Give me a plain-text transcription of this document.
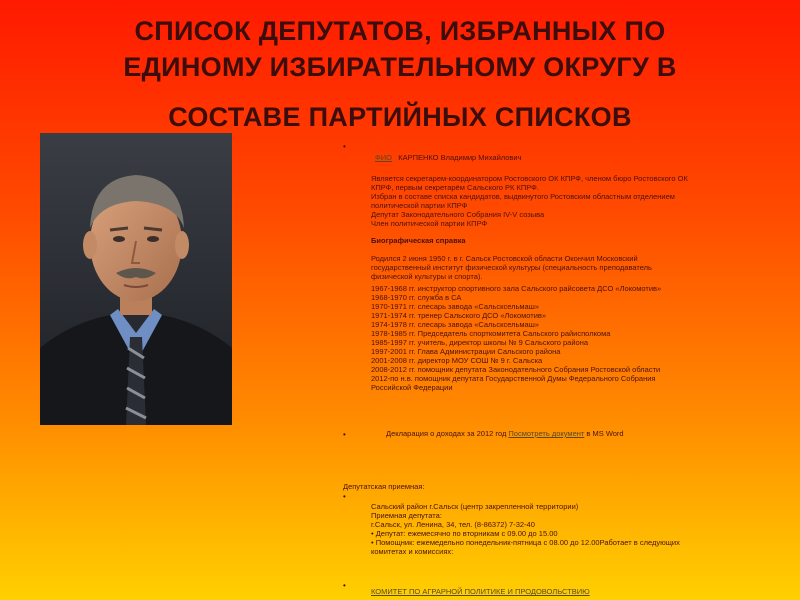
СПИСОК ДЕПУТАТОВ, ИЗБРАННЫХ ПО
ЕДИНОМУ ИЗБИРАТЕЛЬНОМУ ОКРУГУ В
СОСТАВЕ ПАРТИЙНЫХ СПИСКОВ
•
ФИО КАРПЕНКО Владимир Михайлович
Является секретарем-координатором Ростовского ОК КПРФ, членом бюро Ростовского ОК
КПРФ, первым секретарём Сальского РК КПРФ.
Избран в составе списка кандидатов, выдвинутого Ростовским областным отделением
политической партии КПРФ
Депутат Законодательного Собрания IV-V созыва
Член политической партии КПРФ
Биографическая справка
Родился 2 июня 1950 г. в г. Сальск Ростовской области Окончил Московский
государственный институт физической культуры (специальность преподаватель
физической культуры и спорта).
1967-1968 гг. инструктор спортивного зала Сальского райсовета ДСО «Локомотив»
1968-1970 гг. служба в СА
1970-1971 гг. слесарь завода «Сальсксельмаш»
1971-1974 гг. тренер Сальского ДСО «Локомотив»
1974-1978 гг. слесарь завода «Сальсксельмаш»
1978-1985 гг. Председатель спорткомитета Сальского райисполкома
1985-1997 гг. учитель, директор школы № 9 Сальского района
1997-2001 гг. Глава Администрации Сальского района
2001-2008 гг. директор МОУ СОШ № 9 г. Сальска
2008-2012 гг. помощник депутата Законодательного Собрания Ростовской области
2012-по н.в. помощник депутата Государственной Думы Федерального Собрания
Российской Федерации
•	Декларация о доходах за 2012 год Посмотреть документ в MS Word
Депутатская приемная:
•
Сальский район г.Сальск (центр закрепленной территории)
Приемная депутата:
г.Сальск, ул. Ленина, 34, тел. (8-86372) 7-32-40
• Депутат: ежемесячно по вторникам с 09.00 до 15.00
• Помощник: ежемедельно понедельник-пятница с 08.00 до 12.00Работает в следующих
комитетах и комиссиях:
•
КОМИТЕТ ПО АГРАРНОЙ ПОЛИТИКЕ И ПРОДОВОЛЬСТВИЮ
